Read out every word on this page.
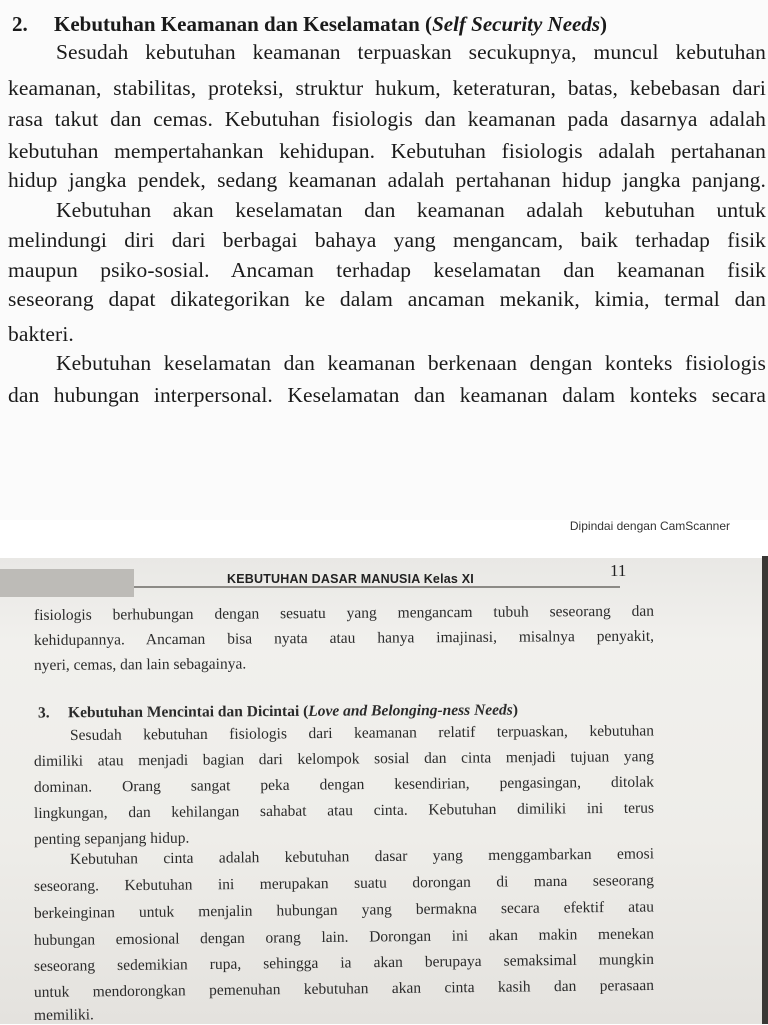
2. Kebutuhan Keamanan dan Keselamatan (Self Security Needs)
Sesudah kebutuhan keamanan terpuaskan secukupnya, muncul kebutuhan
keamanan, stabilitas, proteksi, struktur hukum, keteraturan, batas, kebebasan dari
rasa takut dan cemas. Kebutuhan fisiologis dan keamanan pada dasarnya adalah
kebutuhan mempertahankan kehidupan. Kebutuhan fisiologis adalah pertahanan
hidup jangka pendek, sedang keamanan adalah pertahanan hidup jangka panjang.
Kebutuhan akan keselamatan dan keamanan adalah kebutuhan untuk
melindungi diri dari berbagai bahaya yang mengancam, baik terhadap fisik
maupun psiko-sosial. Ancaman terhadap keselamatan dan keamanan fisik
seseorang dapat dikategorikan ke dalam ancaman mekanik, kimia, termal dan
bakteri.
Kebutuhan keselamatan dan keamanan berkenaan dengan konteks fisiologis
dan hubungan interpersonal. Keselamatan dan keamanan dalam konteks secara
Dipindai dengan CamScanner
KEBUTUHAN DASAR MANUSIA Kelas XI	11
fisiologis berhubungan dengan sesuatu yang mengancam tubuh seseorang dan
kehidupannya. Ancaman bisa nyata atau hanya imajinasi, misalnya penyakit,
nyeri, cemas, dan lain sebagainya.
3. Kebutuhan Mencintai dan Dicintai (Love and Belonging-ness Needs)
Sesudah kebutuhan fisiologis dari keamanan relatif terpuaskan, kebutuhan
dimiliki atau menjadi bagian dari kelompok sosial dan cinta menjadi tujuan yang
dominan. Orang sangat peka dengan kesendirian, pengasingan, ditolak
lingkungan, dan kehilangan sahabat atau cinta. Kebutuhan dimiliki ini terus
penting sepanjang hidup.
Kebutuhan cinta adalah kebutuhan dasar yang menggambarkan emosi
seseorang. Kebutuhan ini merupakan suatu dorongan di mana seseorang
berkeinginan untuk menjalin hubungan yang bermakna secara efektif atau
hubungan emosional dengan orang lain. Dorongan ini akan makin menekan
seseorang sedemikian rupa, sehingga ia akan berupaya semaksimal mungkin
untuk mendorongkan pemenuhan kebutuhan akan cinta kasih dan perasaan
memiliki.
